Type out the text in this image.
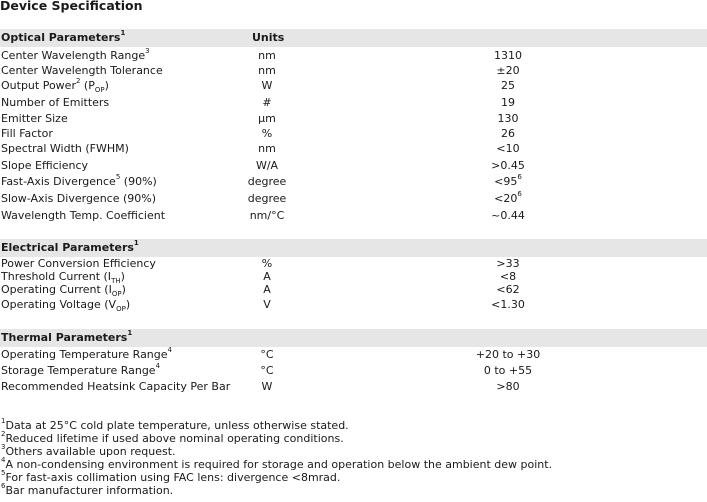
Device Specification
Optical Parameters$^1$	Units
Center Wavelength Range$^3$	nm	1310
Center Wavelength Tolerance	nm	±20
Output Power$^2$ $(P_{OP})$	W	25
Number of Emitters	#	19
Emitter Size	μm	130
Fill Factor	%	26
Spectral Width (FWHM)	nm	<10
Slope Efficiency	W/A	>0.45
Fast-Axis Divergence$^5$ (90%)	degree	$<95^6$
Slow-Axis Divergence (90%)	degree	$<20^6$
Wavelength Temp. Coefficient	nm/°C	~0.44
Electrical Parameters$^1$
Power Conversion Efficiency	%	>33
Threshold Current $(I_{TH})$	A	<8
Operating Current $(I_{OP})$	A	<62
Operating Voltage $(V_{OP})$	V	<1.30
Thermal Parameters$^1$
Operating Temperature Range$^4$	°C	+20 to +30
Storage Temperature Range$^4$	°C	0 to +55
Recommended Heatsink Capacity Per Bar	W	>80
$^1$Data at 25°C cold plate temperature, unless otherwise stated.
$^2$Reduced lifetime if used above nominal operating conditions.
$^3$Others available upon request.
$^4$A non-condensing environment is required for storage and operation below the ambient dew point.
$^5$For fast-axis collimation using FAC lens: divergence <8mrad.
$^6$Bar manufacturer information.
